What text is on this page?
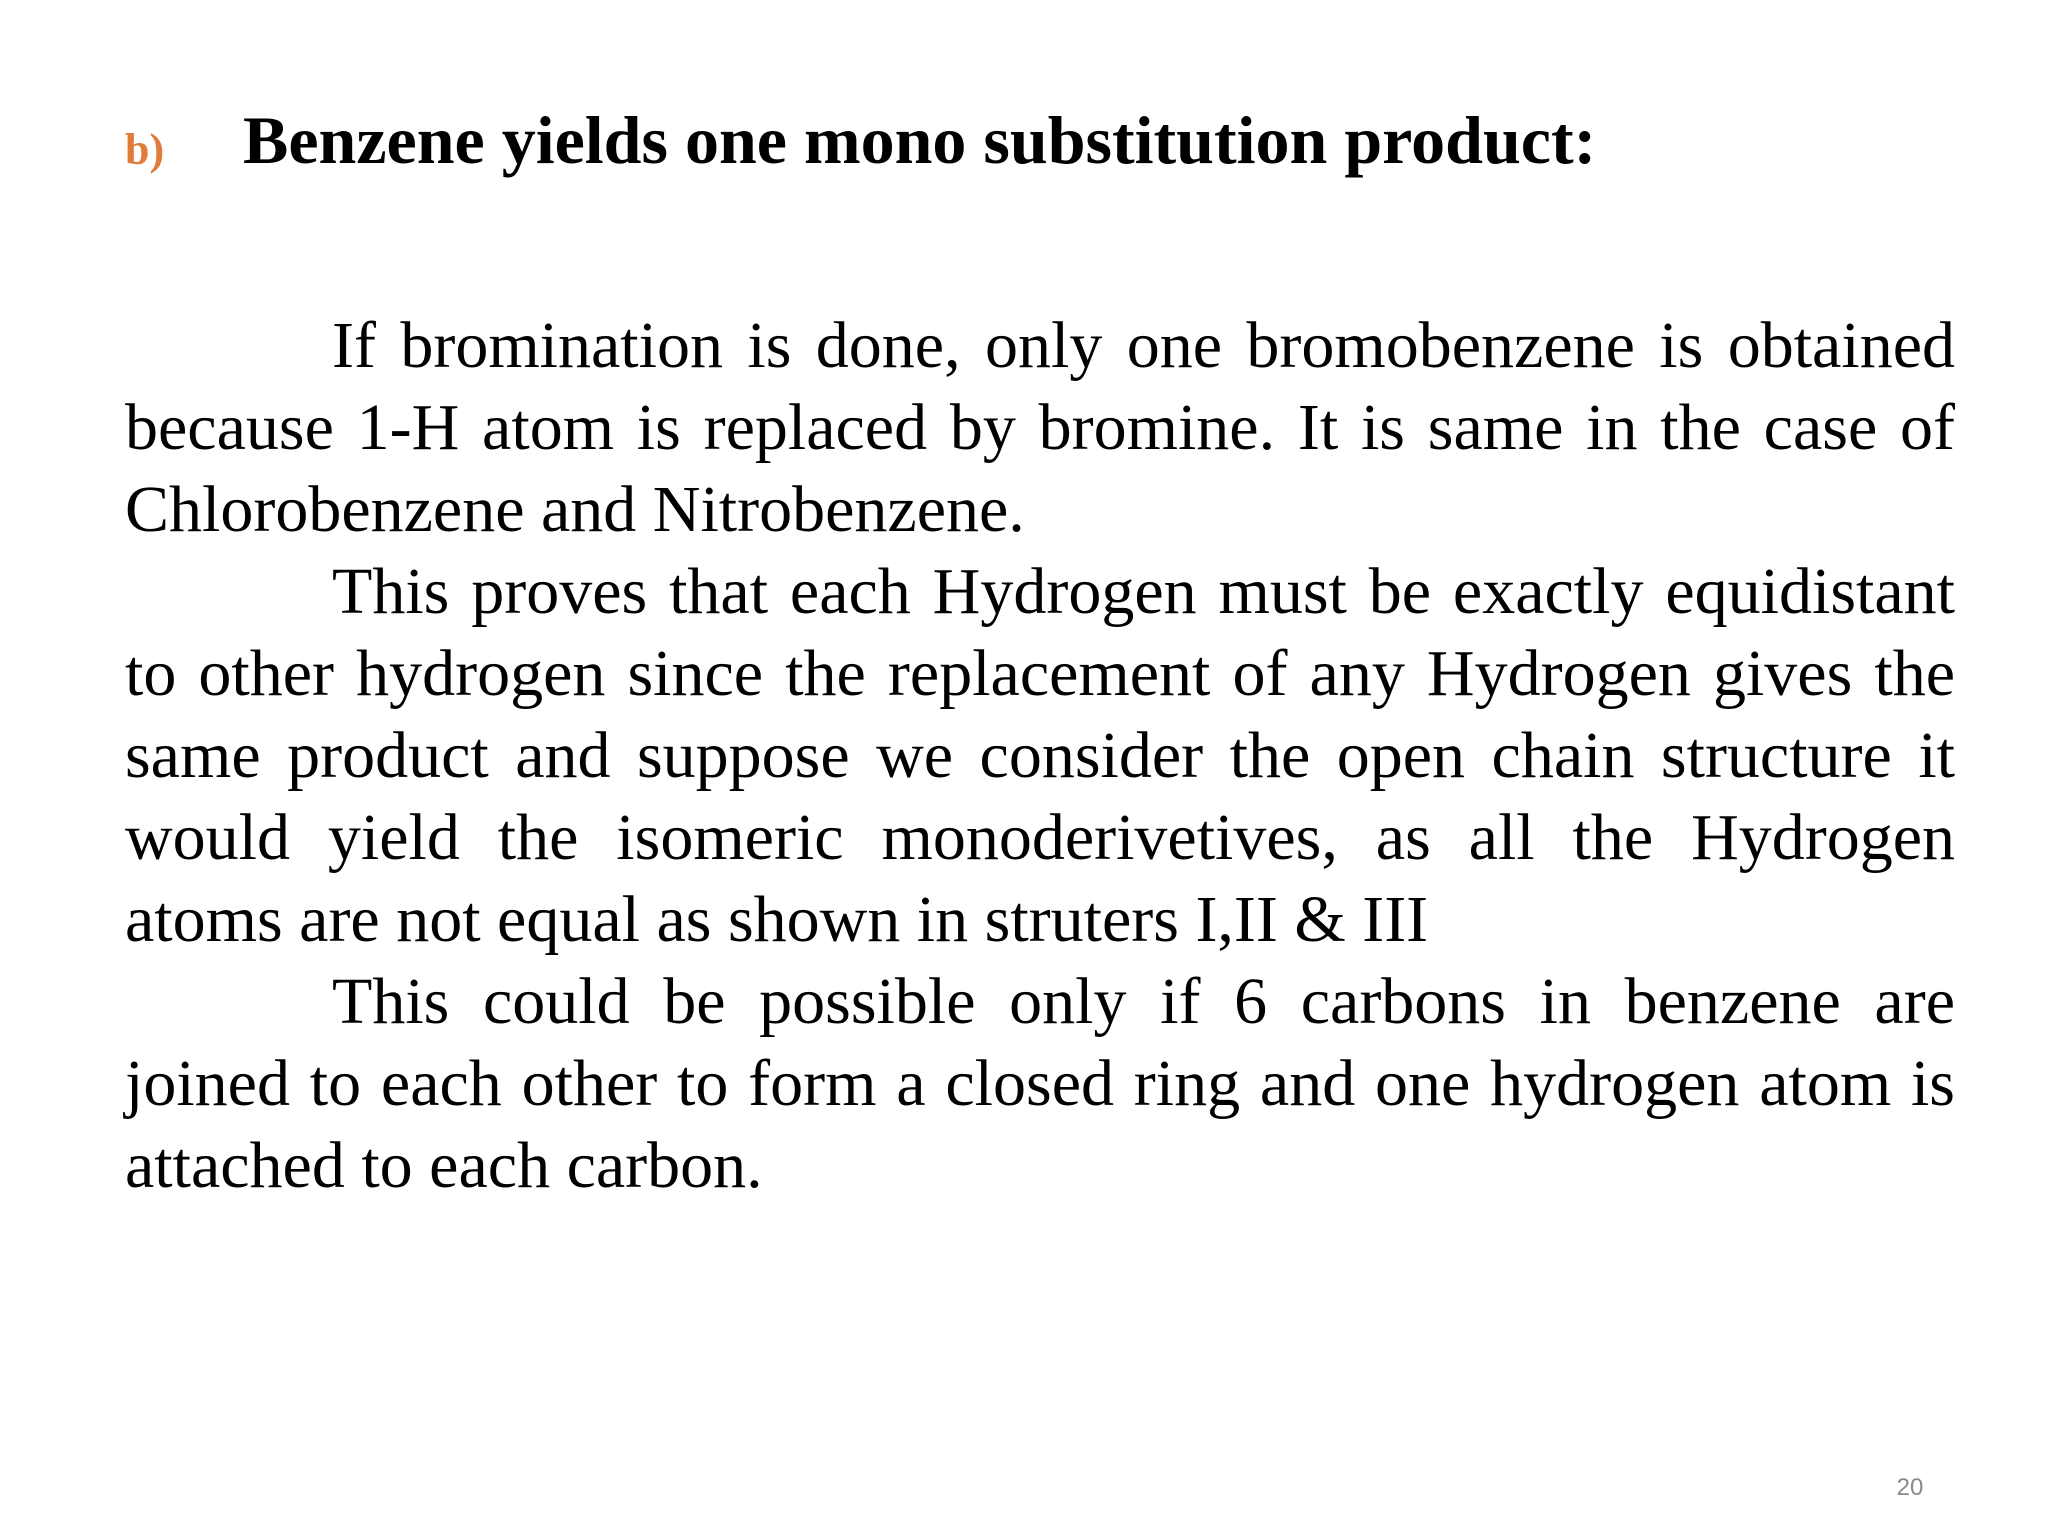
b) Benzene yields one mono substitution product:

If bromination is done, only one bromobenzene is obtained because 1-H atom is replaced by bromine. It is same in the case of Chlorobenzene and Nitrobenzene.

This proves that each Hydrogen must be exactly equidistant to other hydrogen since the replacement of any Hydrogen gives the same product and suppose we consider the open chain structure it would yield the isomeric monoderivetives, as all the Hydrogen atoms are not equal as shown in struters I,II & III

This could be possible only if 6 carbons in benzene are joined to each other to form a closed ring and one hydrogen atom is attached to each carbon.

20
